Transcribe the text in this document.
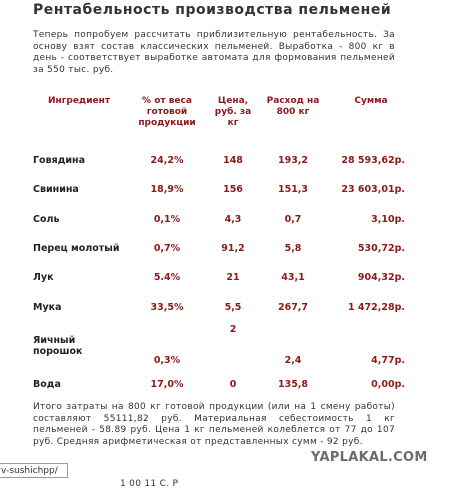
Рентабельность производства пельменей
Теперь попробуем рассчитать приблизительную рентабельность. За основу взят состав классических пельменей. Выработка - 800 кг в день - соответствует выработке автомата для формования пельменей за 550 тыс. руб.
Ингредиент	% от веса готовой продукции	Цена, руб. за кг	Расход на 800 кг	Сумма
Говядина	24,2%	148	193,2	28 593,62р.
Свинина	18,9%	156	151,3	23 603,01р.
Соль	0,1%	4,3	0,7	3,10р.
Перец молотый	0,7%	91,2	5,8	530,72р.
Лук	5.4%	21	43,1	904,32р.
Мука	33,5%	5,5	267,7	1 472,28р.
Яичный порошок	0,3%	2	2,4	4,77р.
Вода	17,0%	0	135,8	0,00р.
Итого затраты на 800 кг готовой продукции (или на 1 смену работы) составляют 55111,82 руб. Материальная себестоимость 1 кг пельменей - 58.89 руб. Цена 1 кг пельменей колеблется от 77 до 107 руб. Средняя арифметическая от представленных сумм - 92 руб.
1 00 11 С. Р
YAPLAKAL.COM
v-sushichpp/
